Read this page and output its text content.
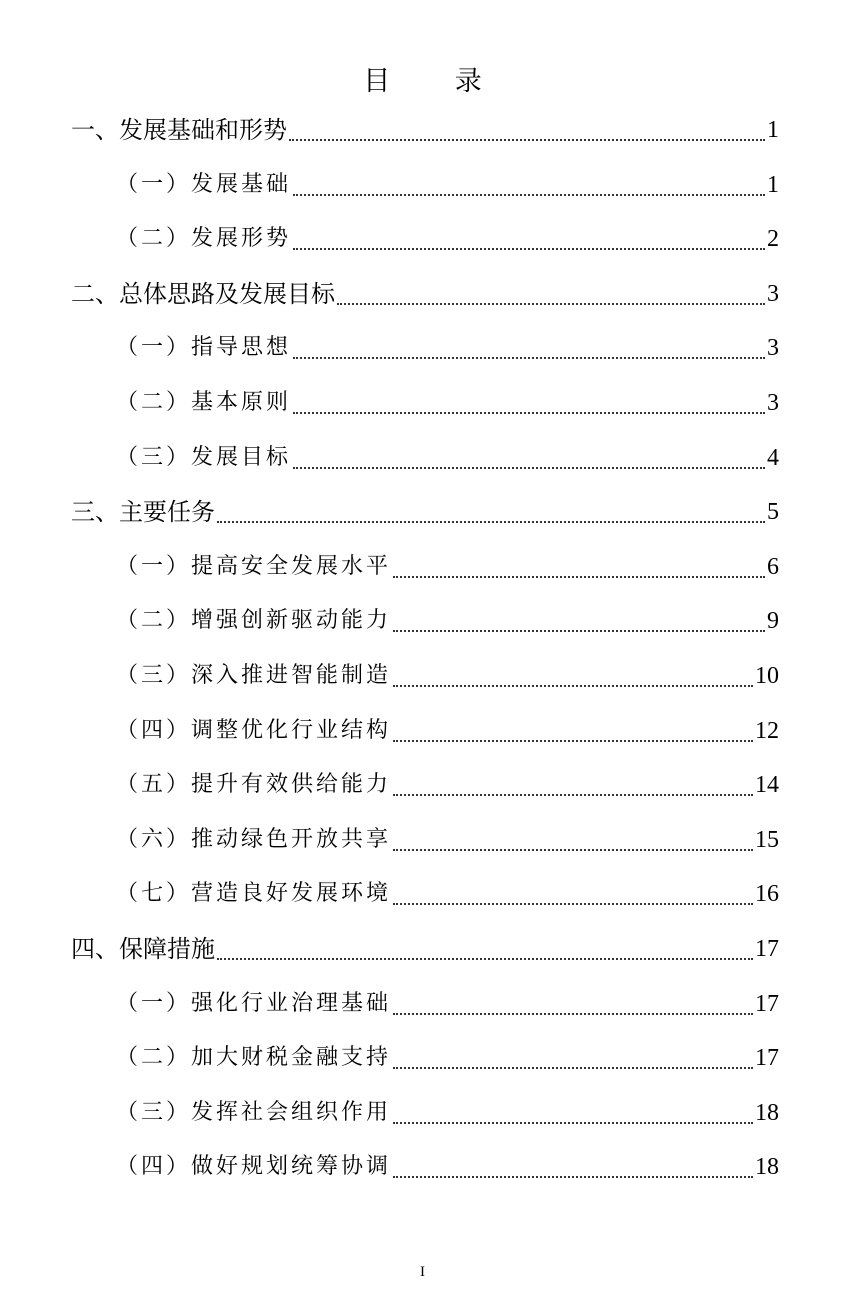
目 录
一、发展基础和形势	1
（一）发展基础	1
（二）发展形势	2
二、总体思路及发展目标	3
（一）指导思想	3
（二）基本原则	3
（三）发展目标	4
三、主要任务	5
（一）提高安全发展水平	6
（二）增强创新驱动能力	9
（三）深入推进智能制造	10
（四）调整优化行业结构	12
（五）提升有效供给能力	14
（六）推动绿色开放共享	15
（七）营造良好发展环境	16
四、保障措施	17
（一）强化行业治理基础	17
（二）加大财税金融支持	17
（三）发挥社会组织作用	18
（四）做好规划统筹协调	18
I
